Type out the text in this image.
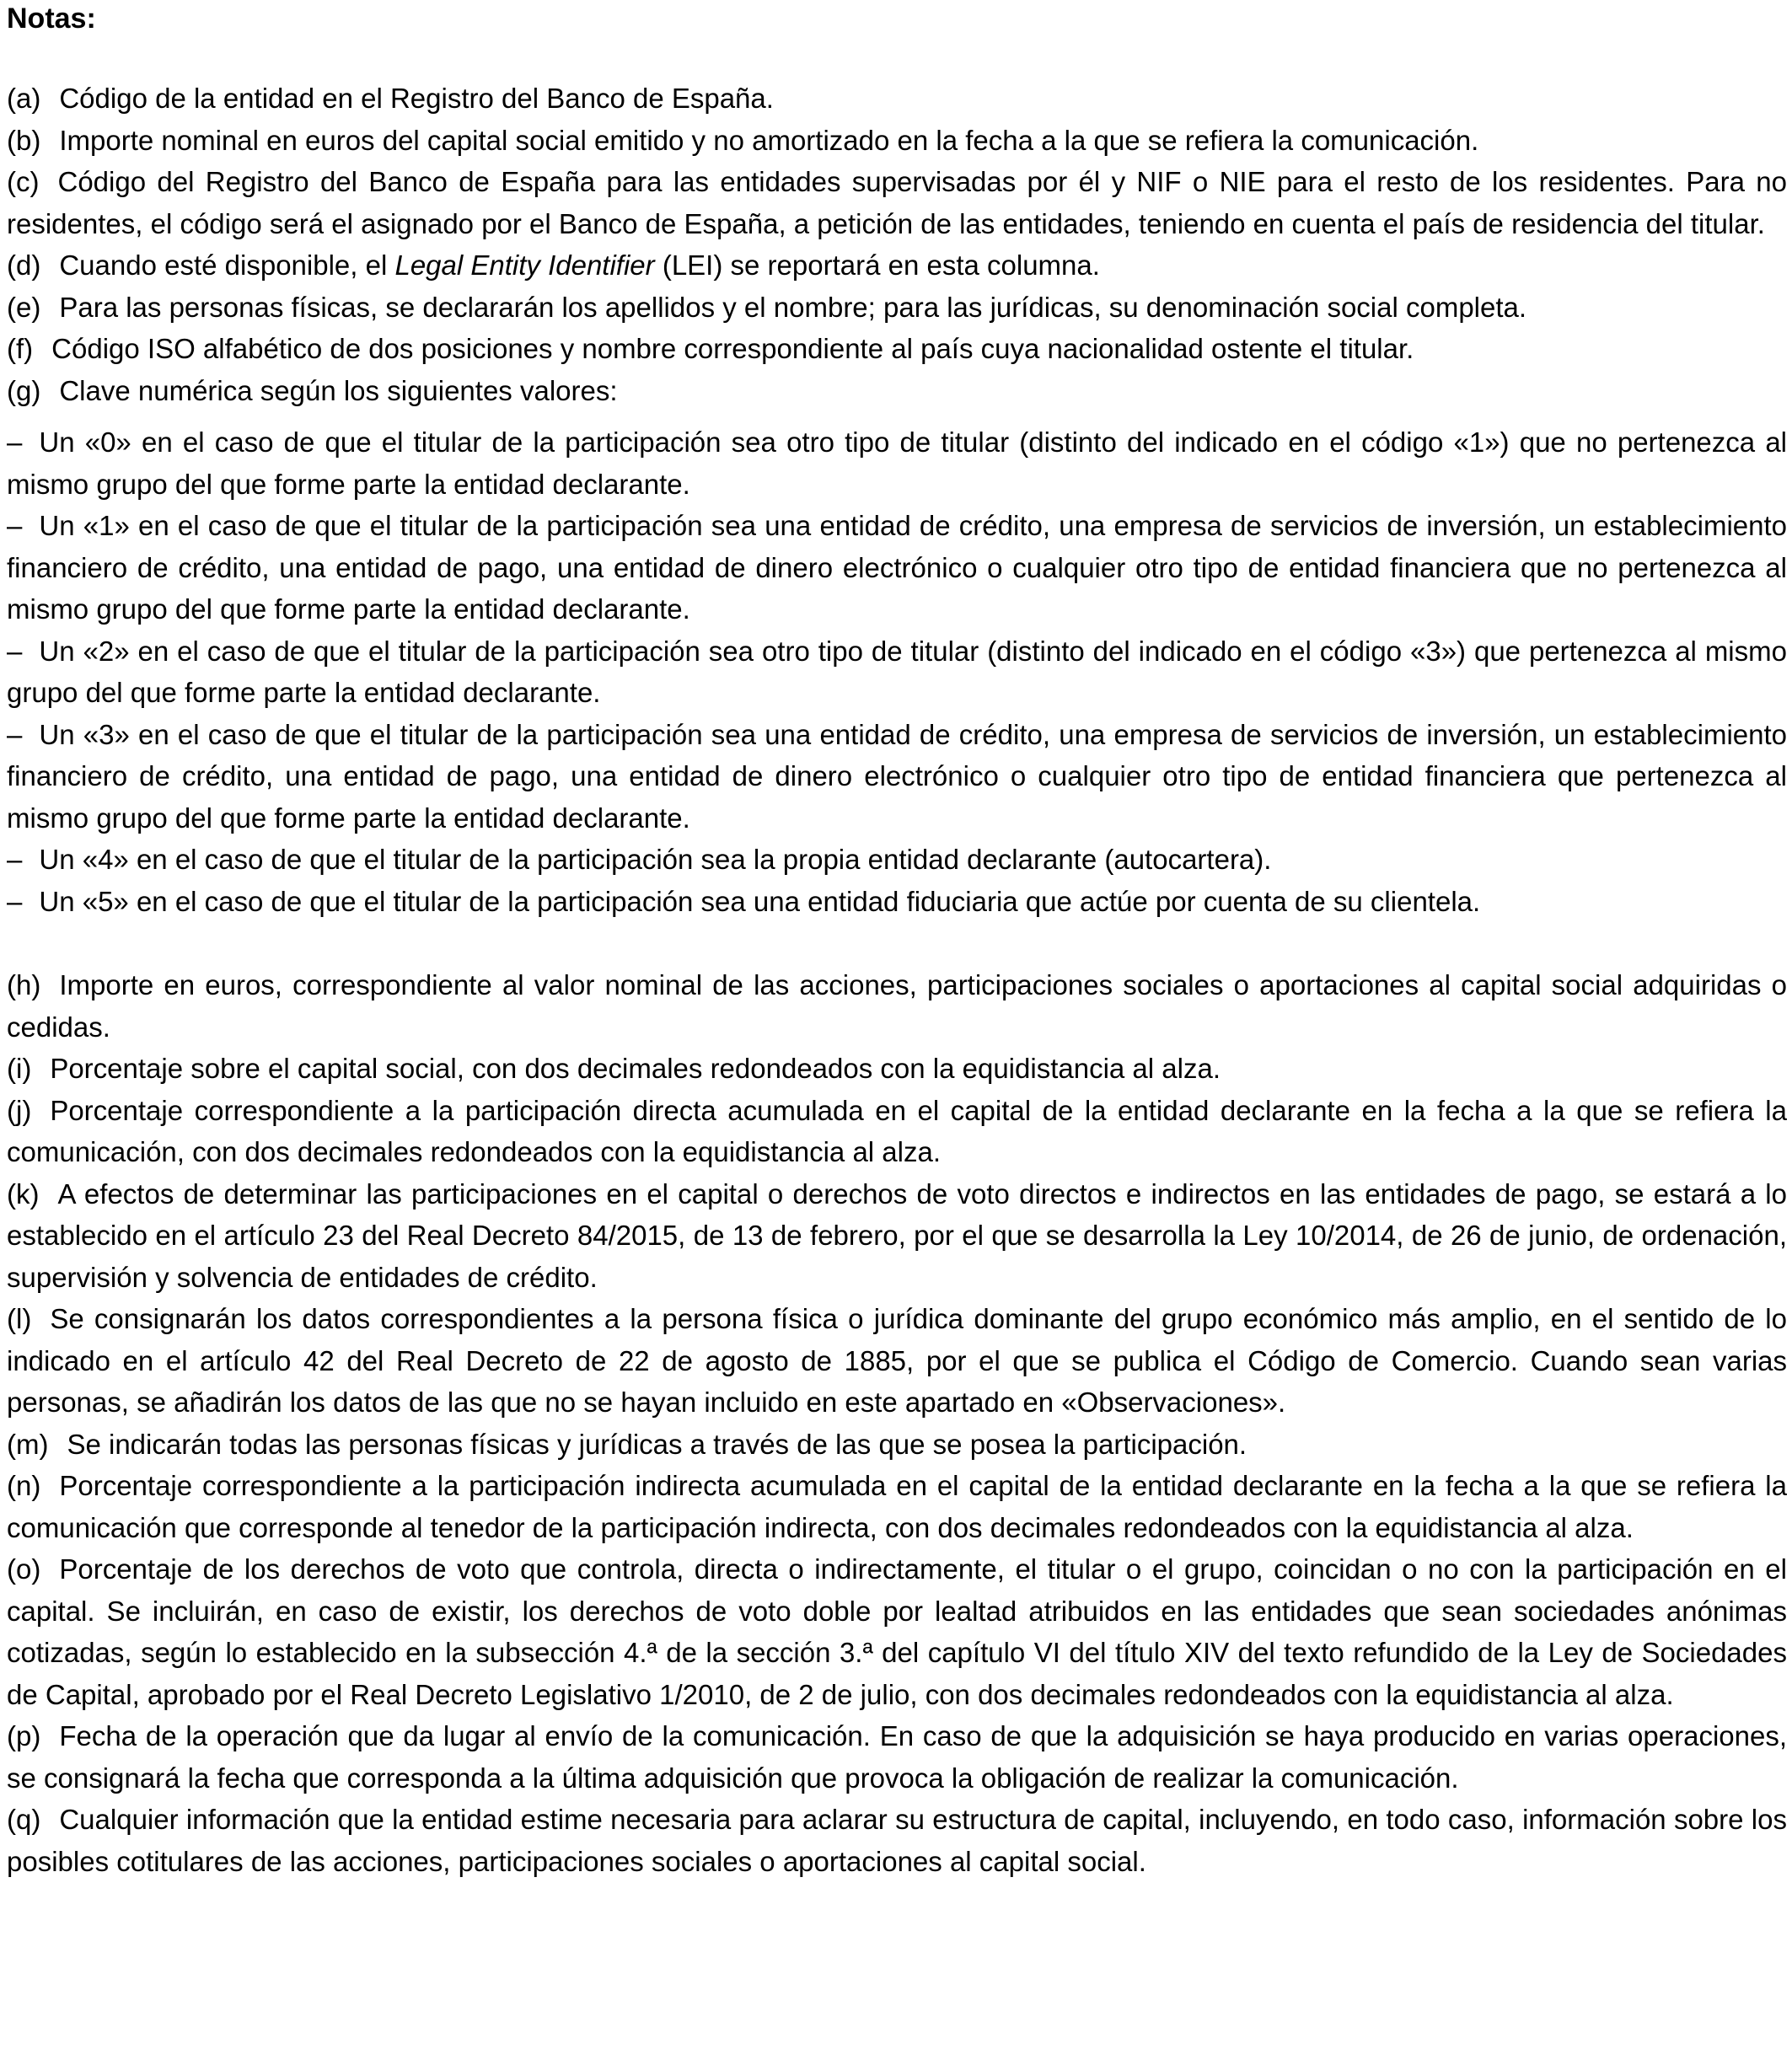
Notas:

(a) Código de la entidad en el Registro del Banco de España.

(b) Importe nominal en euros del capital social emitido y no amortizado en la fecha a la que se refiera la comunicación.

(c) Código del Registro del Banco de España para las entidades supervisadas por él y NIF o NIE para el resto de los residentes. Para no residentes, el código será el asignado por el Banco de España, a petición de las entidades, teniendo en cuenta el país de residencia del titular.

(d) Cuando esté disponible, el Legal Entity Identifier (LEI) se reportará en esta columna.

(e) Para las personas físicas, se declararán los apellidos y el nombre; para las jurídicas, su denominación social completa.

(f) Código ISO alfabético de dos posiciones y nombre correspondiente al país cuya nacionalidad ostente el titular.

(g) Clave numérica según los siguientes valores:

– Un «0» en el caso de que el titular de la participación sea otro tipo de titular (distinto del indicado en el código «1») que no pertenezca al mismo grupo del que forme parte la entidad declarante.

– Un «1» en el caso de que el titular de la participación sea una entidad de crédito, una empresa de servicios de inversión, un establecimiento financiero de crédito, una entidad de pago, una entidad de dinero electrónico o cualquier otro tipo de entidad financiera que no pertenezca al mismo grupo del que forme parte la entidad declarante.

– Un «2» en el caso de que el titular de la participación sea otro tipo de titular (distinto del indicado en el código «3») que pertenezca al mismo grupo del que forme parte la entidad declarante.

– Un «3» en el caso de que el titular de la participación sea una entidad de crédito, una empresa de servicios de inversión, un establecimiento financiero de crédito, una entidad de pago, una entidad de dinero electrónico o cualquier otro tipo de entidad financiera que pertenezca al mismo grupo del que forme parte la entidad declarante.

– Un «4» en el caso de que el titular de la participación sea la propia entidad declarante (autocartera).

– Un «5» en el caso de que el titular de la participación sea una entidad fiduciaria que actúe por cuenta de su clientela.

(h) Importe en euros, correspondiente al valor nominal de las acciones, participaciones sociales o aportaciones al capital social adquiridas o cedidas.

(i) Porcentaje sobre el capital social, con dos decimales redondeados con la equidistancia al alza.

(j) Porcentaje correspondiente a la participación directa acumulada en el capital de la entidad declarante en la fecha a la que se refiera la comunicación, con dos decimales redondeados con la equidistancia al alza.

(k) A efectos de determinar las participaciones en el capital o derechos de voto directos e indirectos en las entidades de pago, se estará a lo establecido en el artículo 23 del Real Decreto 84/2015, de 13 de febrero, por el que se desarrolla la Ley 10/2014, de 26 de junio, de ordenación, supervisión y solvencia de entidades de crédito.

(l) Se consignarán los datos correspondientes a la persona física o jurídica dominante del grupo económico más amplio, en el sentido de lo indicado en el artículo 42 del Real Decreto de 22 de agosto de 1885, por el que se publica el Código de Comercio. Cuando sean varias personas, se añadirán los datos de las que no se hayan incluido en este apartado en «Observaciones».

(m) Se indicarán todas las personas físicas y jurídicas a través de las que se posea la participación.

(n) Porcentaje correspondiente a la participación indirecta acumulada en el capital de la entidad declarante en la fecha a la que se refiera la comunicación que corresponde al tenedor de la participación indirecta, con dos decimales redondeados con la equidistancia al alza.

(o) Porcentaje de los derechos de voto que controla, directa o indirectamente, el titular o el grupo, coincidan o no con la participación en el capital. Se incluirán, en caso de existir, los derechos de voto doble por lealtad atribuidos en las entidades que sean sociedades anónimas cotizadas, según lo establecido en la subsección 4.ª de la sección 3.ª del capítulo VI del título XIV del texto refundido de la Ley de Sociedades de Capital, aprobado por el Real Decreto Legislativo 1/2010, de 2 de julio, con dos decimales redondeados con la equidistancia al alza.

(p) Fecha de la operación que da lugar al envío de la comunicación. En caso de que la adquisición se haya producido en varias operaciones, se consignará la fecha que corresponda a la última adquisición que provoca la obligación de realizar la comunicación.

(q) Cualquier información que la entidad estime necesaria para aclarar su estructura de capital, incluyendo, en todo caso, información sobre los posibles cotitulares de las acciones, participaciones sociales o aportaciones al capital social.
